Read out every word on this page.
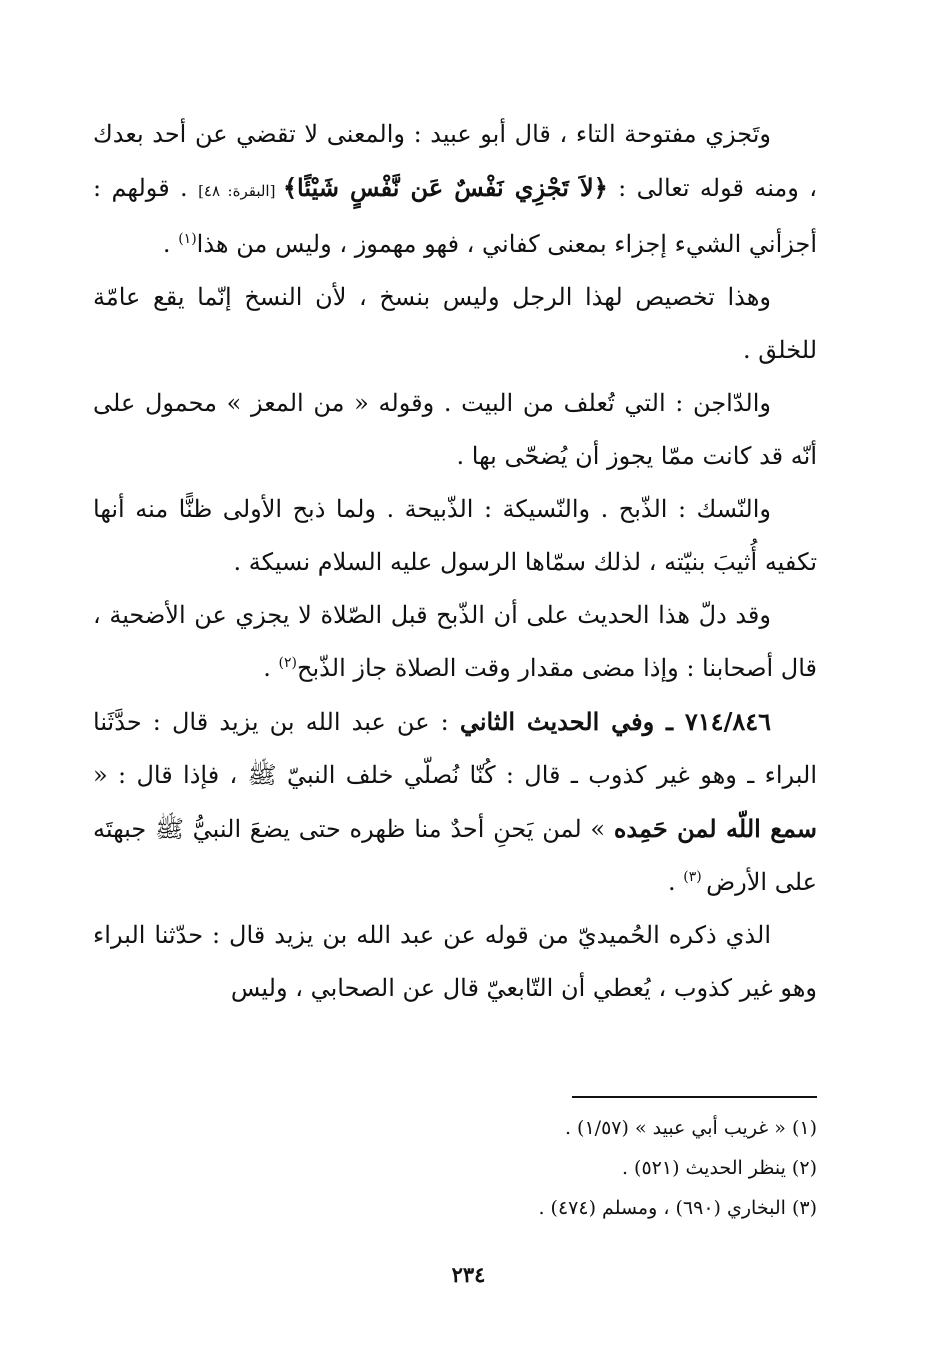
وتَجزي مفتوحة التاء ، قال أبو عبيد : والمعنى لا تقضي عن أحد بعدك ، ومنه قوله تعالى : ﴿لاَ تَجْزِي نَفْسٌ عَن نَّفْسٍ شَيْئًا﴾ [البقرة: ٤٨] . قولهم : أجزأني الشيء إجزاء بمعنى كفاني ، فهو مهموز ، وليس من هذا$^{(١)}$ .

وهذا تخصيص لهذا الرجل وليس بنسخ ، لأن النسخ إنّما يقع عامّة للخلق .

والدّاجن : التي تُعلف من البيت . وقوله « من المعز » محمول على أنّه قد كانت ممّا يجوز أن يُضحّى بها .

والنّسك : الذّبح . والنّسيكة : الذّبيحة . ولما ذبح الأولى ظنًّا منه أنها تكفيه أُثيبَ بنيّته ، لذلك سمّاها الرسول عليه السلام نسيكة .

وقد دلّ هذا الحديث على أن الذّبح قبل الصّلاة لا يجزي عن الأضحية ، قال أصحابنا : وإذا مضى مقدار وقت الصلاة جاز الذّبح$^{(٢)}$ .

٧١٤/٨٤٦ ـ وفي الحديث الثاني : عن عبد الله بن يزيد قال : حدَّثَنا البراء ـ وهو غير كذوب ـ قال : كُنّا نُصلّي خلف النبيّ ﷺ ، فإذا قال : « سمع اللّه لمن حَمِده » لمن يَحنِ أحدٌ منا ظهره حتى يضعَ النبيُّ ﷺ جبهتَه على الأرض $^{(٣)}$ .

الذي ذكره الحُميديّ من قوله عن عبد الله بن يزيد قال : حدّثنا البراء وهو غير كذوب ، يُعطي أن التّابعيّ قال عن الصحابي ، وليس

(١) « غريب أبي عبيد » (١/٥٧) .

(٢) ينظر الحديث (٥٢١) .

(٣) البخاري (٦٩٠) ، ومسلم (٤٧٤) .

٢٣٤
